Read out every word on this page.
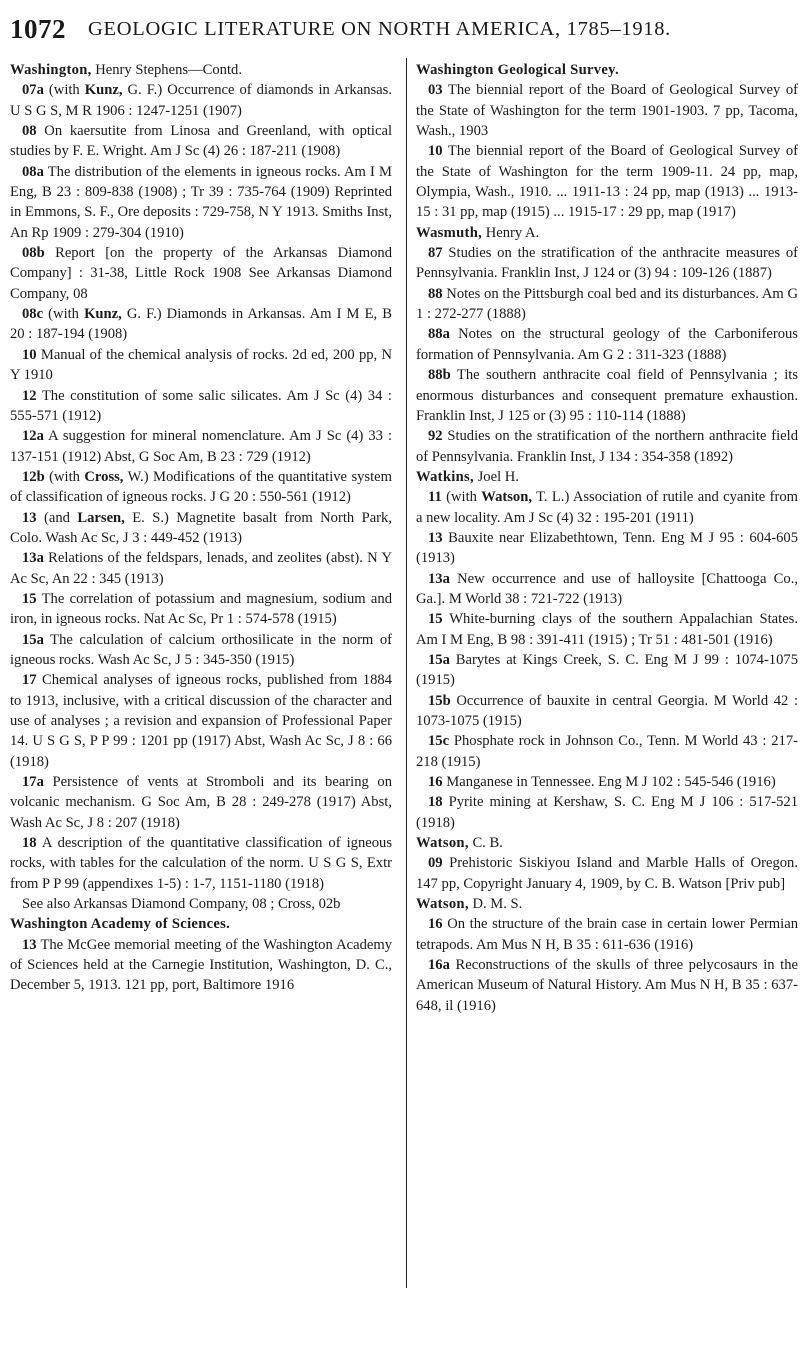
1072 GEOLOGIC LITERATURE ON NORTH AMERICA, 1785–1918.

Washington, Henry Stephens—Contd.

07a (with Kunz, G. F.) Occurrence of diamonds in Arkansas. U S G S, M R 1906 : 1247-1251 (1907)

08 On kaersutite from Linosa and Greenland, with optical studies by F. E. Wright. Am J Sc (4) 26 : 187-211 (1908)

08a The distribution of the elements in igneous rocks. Am I M Eng, B 23 : 809-838 (1908) ; Tr 39 : 735-764 (1909) Reprinted in Emmons, S. F., Ore deposits : 729-758, N Y 1913. Smiths Inst, An Rp 1909 : 279-304 (1910)

08b Report [on the property of the Arkansas Diamond Company] : 31-38, Little Rock 1908 See Arkansas Diamond Company, 08

08c (with Kunz, G. F.) Diamonds in Arkansas. Am I M E, B 20 : 187-194 (1908)

10 Manual of the chemical analysis of rocks. 2d ed, 200 pp, N Y 1910

12 The constitution of some salic silicates. Am J Sc (4) 34 : 555-571 (1912)

12a A suggestion for mineral nomenclature. Am J Sc (4) 33 : 137-151 (1912) Abst, G Soc Am, B 23 : 729 (1912)

12b (with Cross, W.) Modifications of the quantitative system of classification of igneous rocks. J G 20 : 550-561 (1912)

13 (and Larsen, E. S.) Magnetite basalt from North Park, Colo. Wash Ac Sc, J 3 : 449-452 (1913)

13a Relations of the feldspars, lenads, and zeolites (abst). N Y Ac Sc, An 22 : 345 (1913)

15 The correlation of potassium and magnesium, sodium and iron, in igneous rocks. Nat Ac Sc, Pr 1 : 574-578 (1915)

15a The calculation of calcium orthosilicate in the norm of igneous rocks. Wash Ac Sc, J 5 : 345-350 (1915)

17 Chemical analyses of igneous rocks, published from 1884 to 1913, inclusive, with a critical discussion of the character and use of analyses ; a revision and expansion of Professional Paper 14. U S G S, P P 99 : 1201 pp (1917) Abst, Wash Ac Sc, J 8 : 66 (1918)

17a Persistence of vents at Stromboli and its bearing on volcanic mechanism. G Soc Am, B 28 : 249-278 (1917) Abst, Wash Ac Sc, J 8 : 207 (1918)

18 A description of the quantitative classification of igneous rocks, with tables for the calculation of the norm. U S G S, Extr from P P 99 (appendixes 1-5) : 1-7, 1151-1180 (1918)

See also Arkansas Diamond Company, 08 ; Cross, 02b

Washington Academy of Sciences.

13 The McGee memorial meeting of the Washington Academy of Sciences held at the Carnegie Institution, Washington, D. C., December 5, 1913. 121 pp, port, Baltimore 1916

Washington Geological Survey.

03 The biennial report of the Board of Geological Survey of the State of Washington for the term 1901-1903. 7 pp, Tacoma, Wash., 1903

10 The biennial report of the Board of Geological Survey of the State of Washington for the term 1909-11. 24 pp, map, Olympia, Wash., 1910. ... 1911-13 : 24 pp, map (1913) ... 1913-15 : 31 pp, map (1915) ... 1915-17 : 29 pp, map (1917)

Wasmuth, Henry A.

87 Studies on the stratification of the anthracite measures of Pennsylvania. Franklin Inst, J 124 or (3) 94 : 109-126 (1887)

88 Notes on the Pittsburgh coal bed and its disturbances. Am G 1 : 272-277 (1888)

88a Notes on the structural geology of the Carboniferous formation of Pennsylvania. Am G 2 : 311-323 (1888)

88b The southern anthracite coal field of Pennsylvania ; its enormous disturbances and consequent premature exhaustion. Franklin Inst, J 125 or (3) 95 : 110-114 (1888)

92 Studies on the stratification of the northern anthracite field of Pennsylvania. Franklin Inst, J 134 : 354-358 (1892)

Watkins, Joel H.

11 (with Watson, T. L.) Association of rutile and cyanite from a new locality. Am J Sc (4) 32 : 195-201 (1911)

13 Bauxite near Elizabethtown, Tenn. Eng M J 95 : 604-605 (1913)

13a New occurrence and use of halloysite [Chattooga Co., Ga.]. M World 38 : 721-722 (1913)

15 White-burning clays of the southern Appalachian States. Am I M Eng, B 98 : 391-411 (1915) ; Tr 51 : 481-501 (1916)

15a Barytes at Kings Creek, S. C. Eng M J 99 : 1074-1075 (1915)

15b Occurrence of bauxite in central Georgia. M World 42 : 1073-1075 (1915)

15c Phosphate rock in Johnson Co., Tenn. M World 43 : 217-218 (1915)

16 Manganese in Tennessee. Eng M J 102 : 545-546 (1916)

18 Pyrite mining at Kershaw, S. C. Eng M J 106 : 517-521 (1918)

Watson, C. B.

09 Prehistoric Siskiyou Island and Marble Halls of Oregon. 147 pp, Copyright January 4, 1909, by C. B. Watson [Priv pub]

Watson, D. M. S.

16 On the structure of the brain case in certain lower Permian tetrapods. Am Mus N H, B 35 : 611-636 (1916)

16a Reconstructions of the skulls of three pelycosaurs in the American Museum of Natural History. Am Mus N H, B 35 : 637-648, il (1916)
